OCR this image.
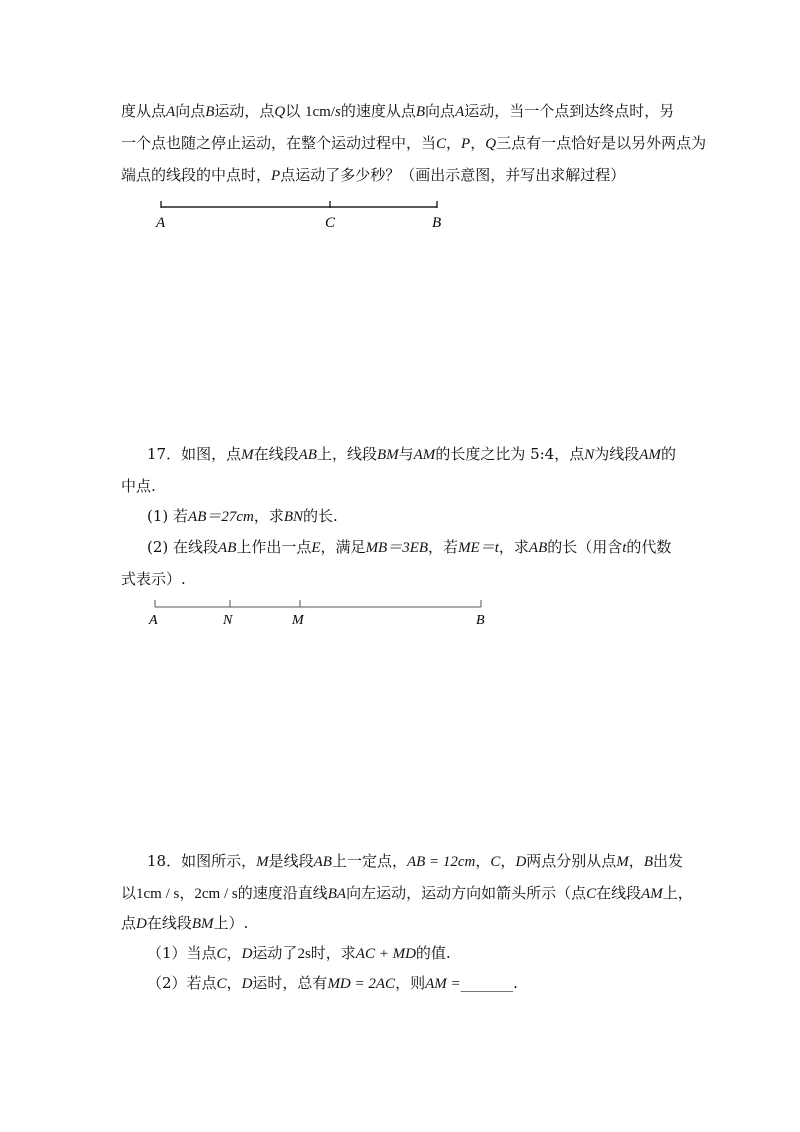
度从点A向点B运动，点Q以 1cm/s的速度从点B向点A运动，当一个点到达终点时，另
一个点也随之停止运动，在整个运动过程中，当C，P，Q三点有一点恰好是以另外两点为
端点的线段的中点时，P点运动了多少秒？（画出示意图，并写出求解过程）
A	C	B
17．如图，点M在线段AB上，线段BM与AM的长度之比为 5:4，点N为线段AM的
中点.
(1) 若AB＝27cm，求BN的长.
(2) 在线段AB上作出一点E，满足MB＝3EB，若ME＝t，求AB的长（用含t的代数
式表示）.
A	N	M	B
18．如图所示，M是线段AB上一定点，AB = 12cm，C，D两点分别从点M，B出发
以1cm / s，2cm / s的速度沿直线BA向左运动，运动方向如箭头所示（点C在线段AM上，
点D在线段BM上）.
（1）当点C，D运动了2s时，求AC + MD的值.
（2）若点C，D运时，总有MD = 2AC，则AM =_______.
